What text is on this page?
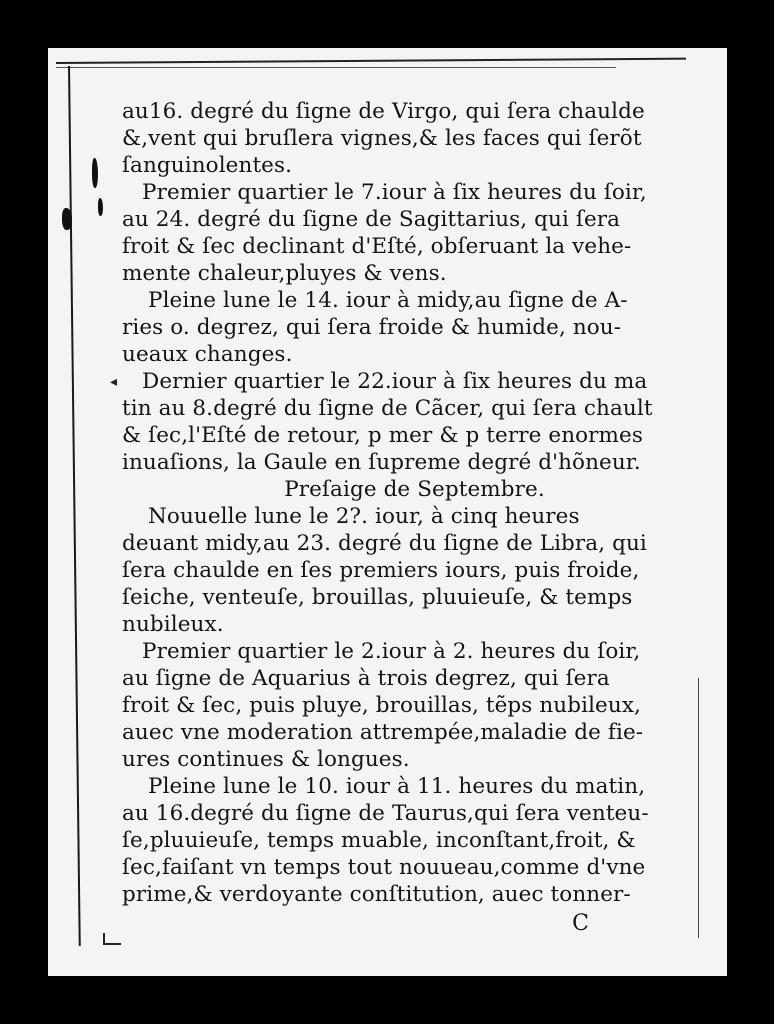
◂
au16. degré du ſigne de Virgo, qui ſera chaulde
&,vent qui bruſlera vignes,& les faces qui ſerõt
ſanguinolentes.
Premier quartier le 7.iour à ſix heures du ſoir,
au 24. degré du ſigne de Sagittarius, qui ſera
froit & ſec declinant d'Eſté, obſeruant la vehe-
mente chaleur,pluyes & vens.
Pleine lune le 14. iour à midy,au ſigne de A-
ries o. degrez, qui ſera froide & humide, nou-
ueaux changes.
Dernier quartier le 22.iour à ſix heures du ma
tin au 8.degré du ſigne de Cãcer, qui ſera chault
& ſec,l'Eſté de retour, p mer & p terre enormes
inuaſions, la Gaule en ſupreme degré d'hõneur.
Preſaige de Septembre.
Nouuelle lune le 2?. iour, à cinq heures
deuant midy,au 23. degré du ſigne de Libra, qui
ſera chaulde en ſes premiers iours, puis froide,
ſeiche, venteuſe, brouillas, pluuieuſe, & temps
nubileux.
Premier quartier le 2.iour à 2. heures du ſoir,
au ſigne de Aquarius à trois degrez, qui ſera
froit & ſec, puis pluye, brouillas, tẽps nubileux,
auec vne moderation attrempée,maladie de fie-
ures continues & longues.
Pleine lune le 10. iour à 11. heures du matin,
au 16.degré du ſigne de Taurus,qui ſera venteu-
ſe,pluuieuſe, temps muable, inconſtant,froit, &
ſec,faiſant vn temps tout nouueau,comme d'vne
prime,& verdoyante conſtitution, auec tonner-
C
